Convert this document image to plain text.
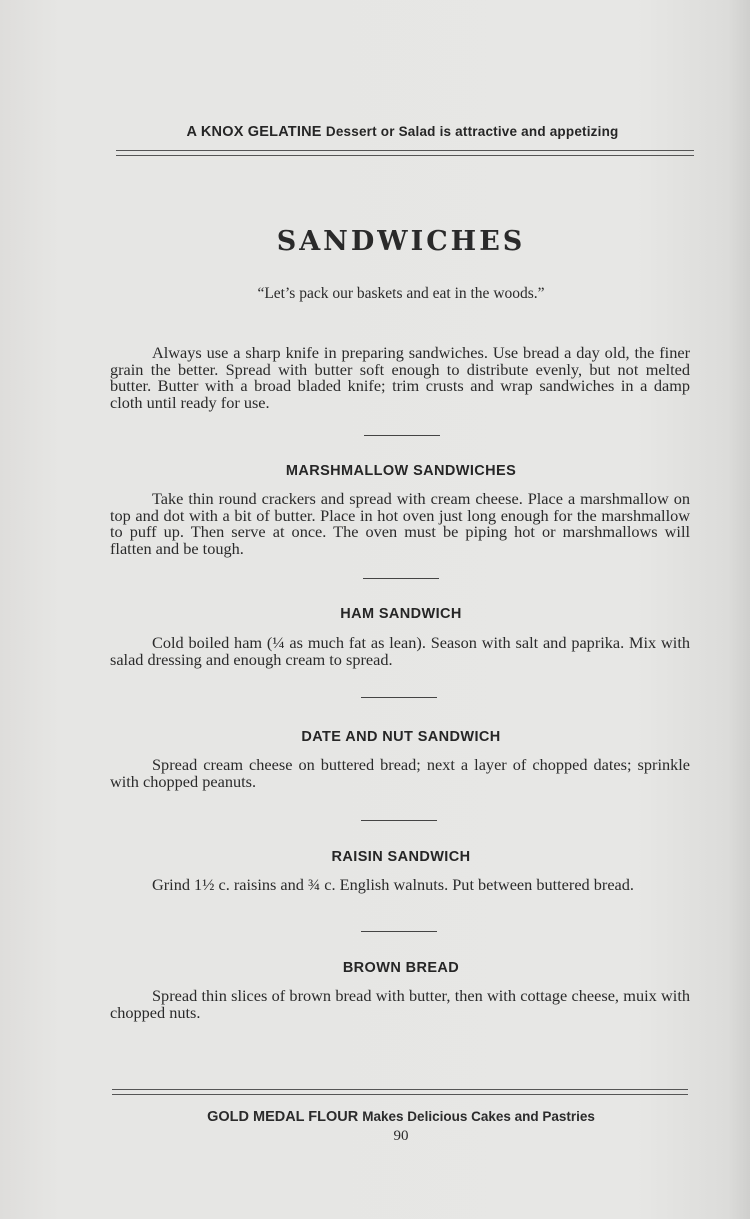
A KNOX GELATINE Dessert or Salad is attractive and appetizing
SANDWICHES
“Let’s pack our baskets and eat in the woods.”
Always use a sharp knife in preparing sandwiches. Use bread a day old, the finer grain the better. Spread with butter soft enough to distribute evenly, but not melted butter. Butter with a broad bladed knife; trim crusts and wrap sandwiches in a damp cloth until ready for use.
MARSHMALLOW SANDWICHES
Take thin round crackers and spread with cream cheese. Place a marshmallow on top and dot with a bit of butter. Place in hot oven just long enough for the marshmallow to puff up. Then serve at once. The oven must be piping hot or marshmallows will flatten and be tough.
HAM SANDWICH
Cold boiled ham (¼ as much fat as lean). Season with salt and paprika. Mix with salad dressing and enough cream to spread.
DATE AND NUT SANDWICH
Spread cream cheese on buttered bread; next a layer of chopped dates; sprinkle with chopped peanuts.
RAISIN SANDWICH
Grind 1½ c. raisins and ¾ c. English walnuts. Put between buttered bread.
BROWN BREAD
Spread thin slices of brown bread with butter, then with cottage cheese, muix with chopped nuts.
GOLD MEDAL FLOUR Makes Delicious Cakes and Pastries
90
